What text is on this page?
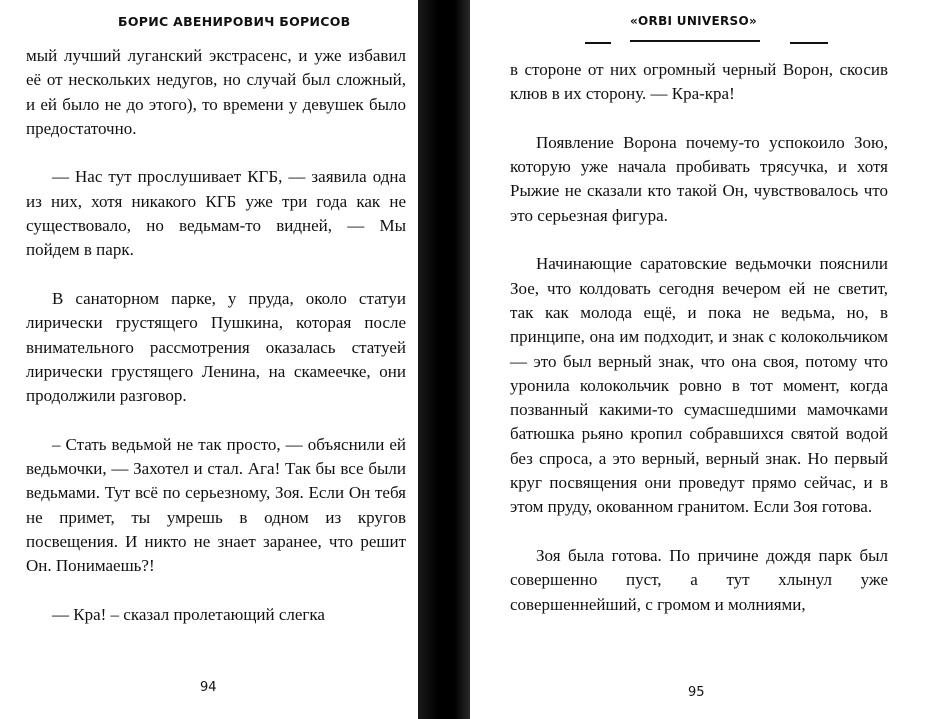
БОРИС АВЕНИРОВИЧ БОРИСОВ

мый лучший луганский экстрасенс, и уже избавил её от нескольких недугов, но случай был сложный, и ей было не до этого), то времени у девушек было предостаточно.

— Нас тут прослушивает КГБ, — заявила одна из них, хотя никакого КГБ уже три года как не существовало, но ведьмам-то видней, — Мы пойдем в парк.

В санаторном парке, у пруда, около статуи лирически грустящего Пушкина, которая после внимательного рассмотрения оказалась статуей лирически грустящего Ленина, на скамеечке, они продолжили разговор.

– Стать ведьмой не так просто, — объяснили ей ведьмочки, — Захотел и стал. Ага! Так бы все были ведьмами. Тут всё по серьезному, Зоя. Если Он тебя не примет, ты умрешь в одном из кругов посвещения. И никто не знает заранее, что решит Он. Понимаешь?!

— Кра! – сказал пролетающий слегка

94
«ORBI UNIVERSO»

в стороне от них огромный черный Ворон, скосив клюв в их сторону. — Кра-кра!

Появление Ворона почему-то успокоило Зою, которую уже начала пробивать трясучка, и хотя Рыжие не сказали кто такой Он, чувствовалось что это серьезная фигура.

Начинающие саратовские ведьмочки пояснили Зое, что колдовать сегодня вечером ей не светит, так как молода ещё, и пока не ведьма, но, в принципе, она им подходит, и знак с колокольчиком — это был верный знак, что она своя, потому что уронила колокольчик ровно в тот момент, когда позванный какими-то сумасшедшими мамочками батюшка рьяно кропил собравшихся святой водой без спроса, а это верный, верный знак. Но первый круг посвящения они проведут прямо сейчас, и в этом пруду, окованном гранитом. Если Зоя готова.

Зоя была готова. По причине дождя парк был совершенно пуст, а тут хлынул уже совершеннейший, с громом и молниями,

95
